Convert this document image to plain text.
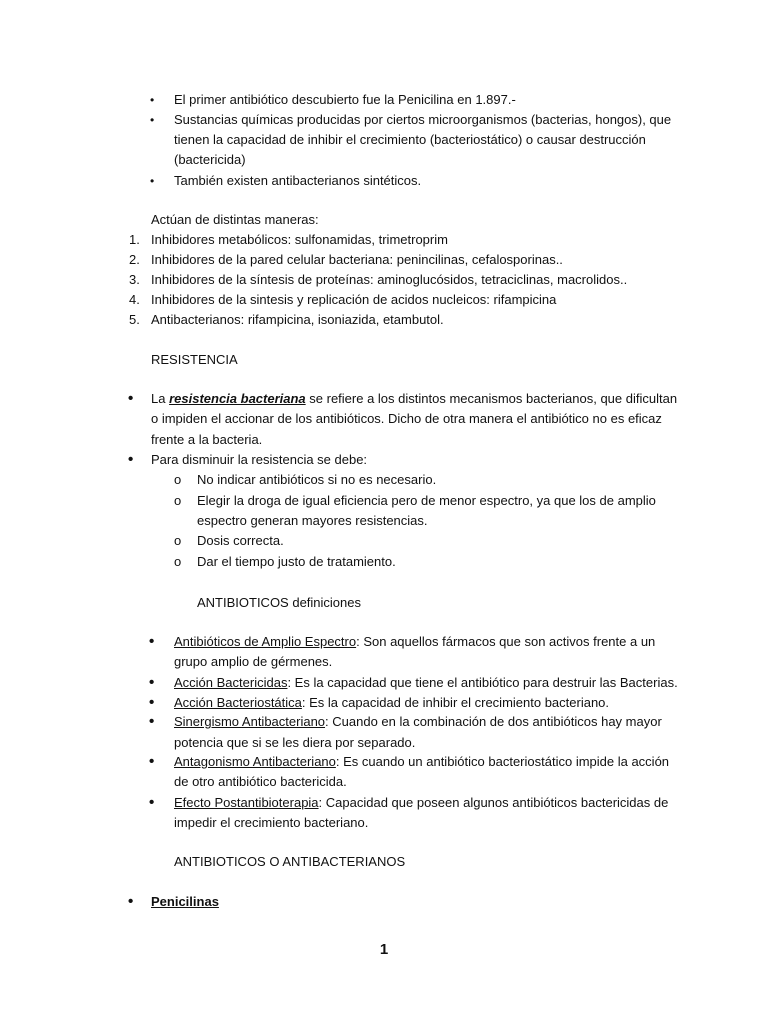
• El primer antibiótico descubierto fue la Penicilina en 1.897.-
• Sustancias químicas producidas por ciertos microorganismos (bacterias, hongos), que
tienen la capacidad de inhibir el crecimiento (bacteriostático) o causar destrucción
(bactericida)
• También existen antibacterianos sintéticos.
Actúan de distintas maneras:
1. Inhibidores metabólicos: sulfonamidas, trimetroprim
2. Inhibidores de la pared celular bacteriana: penincilinas, cefalosporinas..
3. Inhibidores de la síntesis de proteínas: aminoglucósidos, tetraciclinas, macrolidos..
4. Inhibidores de la sintesis y replicación de acidos nucleicos: rifampicina
5. Antibacterianos: rifampicina, isoniazida, etambutol.
RESISTENCIA
• La resistencia bacteriana se refiere a los distintos mecanismos bacterianos, que dificultan
o impiden el accionar de los antibióticos. Dicho de otra manera el antibiótico no es eficaz
frente a la bacteria.
• Para disminuir la resistencia se debe:
o No indicar antibióticos si no es necesario.
o Elegir la droga de igual eficiencia pero de menor espectro, ya que los de amplio
espectro generan mayores resistencias.
o Dosis correcta.
o Dar el tiempo justo de tratamiento.
ANTIBIOTICOS definiciones
• Antibióticos de Amplio Espectro: Son aquellos fármacos que son activos frente a un
grupo amplio de gérmenes.
• Acción Bactericidas: Es la capacidad que tiene el antibiótico para destruir las Bacterias.
• Acción Bacteriostática: Es la capacidad de inhibir el crecimiento bacteriano.
• Sinergismo Antibacteriano: Cuando en la combinación de dos antibióticos hay mayor
potencia que si se les diera por separado.
• Antagonismo Antibacteriano: Es cuando un antibiótico bacteriostático impide la acción
de otro antibiótico bactericida.
• Efecto Postantibioterapia: Capacidad que poseen algunos antibióticos bactericidas de
impedir el crecimiento bacteriano.
ANTIBIOTICOS O ANTIBACTERIANOS
• Penicilinas
1
